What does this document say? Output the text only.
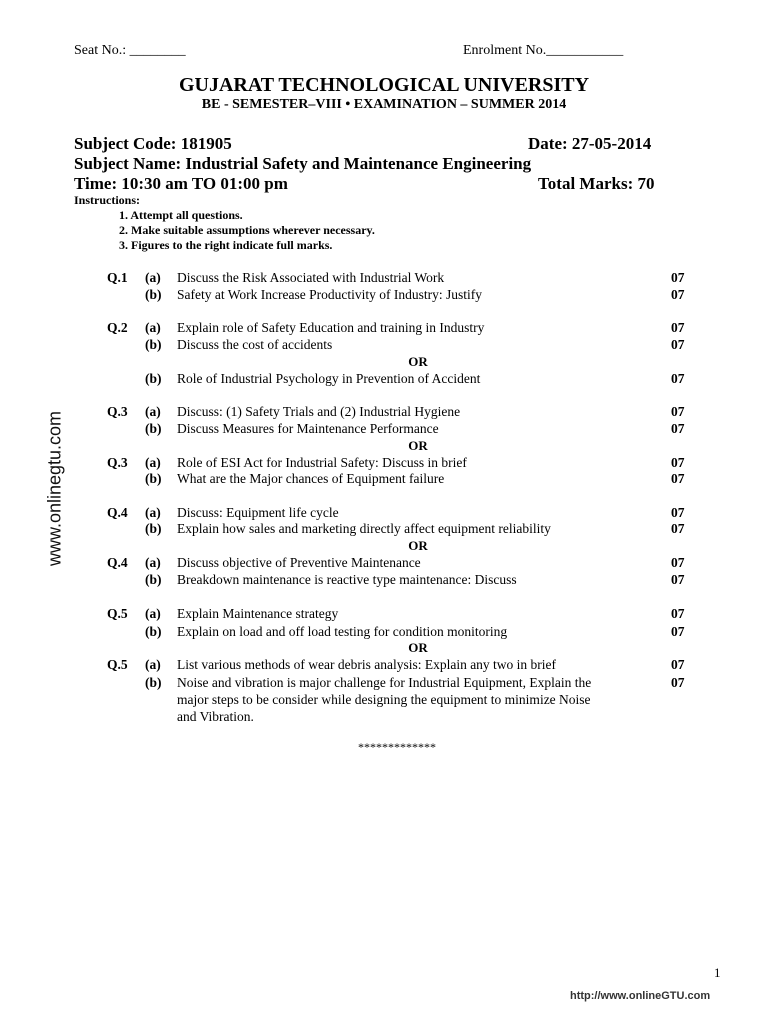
Seat No.: ________	Enrolment No.___________
GUJARAT TECHNOLOGICAL UNIVERSITY
BE - SEMESTER–VIII • EXAMINATION – SUMMER 2014
Subject Code: 181905	Date: 27-05-2014
Subject Name: Industrial Safety and Maintenance Engineering
Time: 10:30 am TO 01:00 pm	Total Marks: 70
Instructions:
1. Attempt all questions.
2. Make suitable assumptions wherever necessary.
3. Figures to the right indicate full marks.
Q.1 (a) Discuss the Risk Associated with Industrial Work	07
(b) Safety at Work Increase Productivity of Industry: Justify	07
Q.2 (a) Explain role of Safety Education and training in Industry	07
(b) Discuss the cost of accidents	07
OR
(b) Role of Industrial Psychology in Prevention of Accident	07
Q.3 (a) Discuss: (1) Safety Trials and (2) Industrial Hygiene	07
(b) Discuss Measures for Maintenance Performance	07
OR
Q.3 (a) Role of ESI Act for Industrial Safety: Discuss in brief	07
(b) What are the Major chances of Equipment failure	07
Q.4 (a) Discuss: Equipment life cycle	07
(b) Explain how sales and marketing directly affect equipment reliability	07
OR
Q.4 (a) Discuss objective of Preventive Maintenance	07
(b) Breakdown maintenance is reactive type maintenance: Discuss	07
Q.5 (a) Explain Maintenance strategy	07
(b) Explain on load and off load testing for condition monitoring	07
OR
Q.5 (a) List various methods of wear debris analysis: Explain any two in brief	07
(b) Noise and vibration is major challenge for Industrial Equipment, Explain the
major steps to be consider while designing the equipment to minimize Noise
and Vibration.
07
*************
1
http://www.onlineGTU.com
www.onlinegtu.com
